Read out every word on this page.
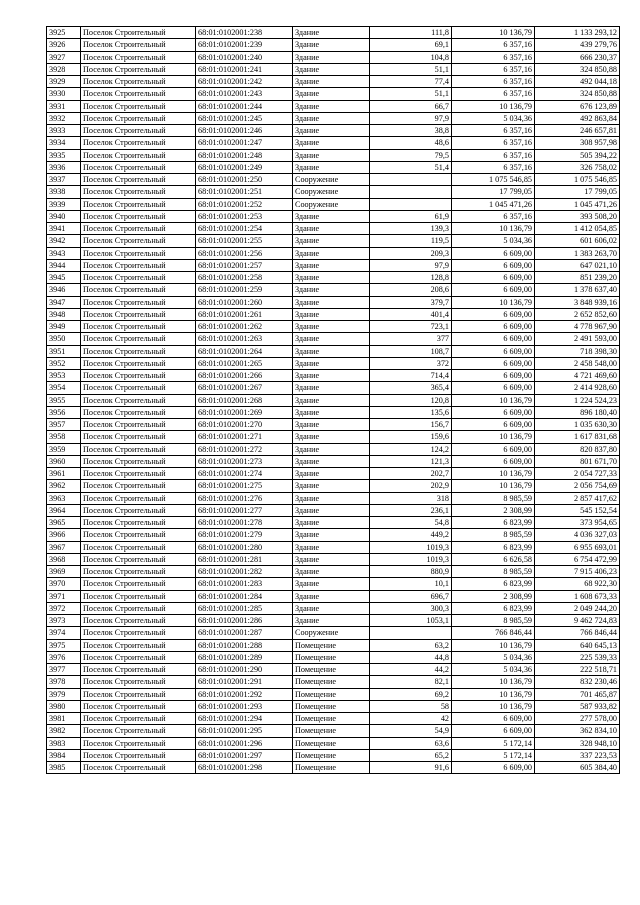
3925	Поселок Строительный	68:01:0102001:238	Здание	111,8	10 136,79	1 133 293,12
3926	Поселок Строительный	68:01:0102001:239	Здание	69,1	6 357,16	439 279,76
3927	Поселок Строительный	68:01:0102001:240	Здание	104,8	6 357,16	666 230,37
3928	Поселок Строительный	68:01:0102001:241	Здание	51,1	6 357,16	324 850,88
3929	Поселок Строительный	68:01:0102001:242	Здание	77,4	6 357,16	492 044,18
3930	Поселок Строительный	68:01:0102001:243	Здание	51,1	6 357,16	324 850,88
3931	Поселок Строительный	68:01:0102001:244	Здание	66,7	10 136,79	676 123,89
3932	Поселок Строительный	68:01:0102001:245	Здание	97,9	5 034,36	492 863,84
3933	Поселок Строительный	68:01:0102001:246	Здание	38,8	6 357,16	246 657,81
3934	Поселок Строительный	68:01:0102001:247	Здание	48,6	6 357,16	308 957,98
3935	Поселок Строительный	68:01:0102001:248	Здание	79,5	6 357,16	505 394,22
3936	Поселок Строительный	68:01:0102001:249	Здание	51,4	6 357,16	326 758,02
3937	Поселок Строительный	68:01:0102001:250	Сооружение		1 075 546,85	1 075 546,85
3938	Поселок Строительный	68:01:0102001:251	Сооружение		17 799,05	17 799,05
3939	Поселок Строительный	68:01:0102001:252	Сооружение		1 045 471,26	1 045 471,26
3940	Поселок Строительный	68:01:0102001:253	Здание	61,9	6 357,16	393 508,20
3941	Поселок Строительный	68:01:0102001:254	Здание	139,3	10 136,79	1 412 054,85
3942	Поселок Строительный	68:01:0102001:255	Здание	119,5	5 034,36	601 606,02
3943	Поселок Строительный	68:01:0102001:256	Здание	209,3	6 609,00	1 383 263,70
3944	Поселок Строительный	68:01:0102001:257	Здание	97,9	6 609,00	647 021,10
3945	Поселок Строительный	68:01:0102001:258	Здание	128,8	6 609,00	851 239,20
3946	Поселок Строительный	68:01:0102001:259	Здание	208,6	6 609,00	1 378 637,40
3947	Поселок Строительный	68:01:0102001:260	Здание	379,7	10 136,79	3 848 939,16
3948	Поселок Строительный	68:01:0102001:261	Здание	401,4	6 609,00	2 652 852,60
3949	Поселок Строительный	68:01:0102001:262	Здание	723,1	6 609,00	4 778 967,90
3950	Поселок Строительный	68:01:0102001:263	Здание	377	6 609,00	2 491 593,00
3951	Поселок Строительный	68:01:0102001:264	Здание	108,7	6 609,00	718 398,30
3952	Поселок Строительный	68:01:0102001:265	Здание	372	6 609,00	2 458 548,00
3953	Поселок Строительный	68:01:0102001:266	Здание	714,4	6 609,00	4 721 469,60
3954	Поселок Строительный	68:01:0102001:267	Здание	365,4	6 609,00	2 414 928,60
3955	Поселок Строительный	68:01:0102001:268	Здание	120,8	10 136,79	1 224 524,23
3956	Поселок Строительный	68:01:0102001:269	Здание	135,6	6 609,00	896 180,40
3957	Поселок Строительный	68:01:0102001:270	Здание	156,7	6 609,00	1 035 630,30
3958	Поселок Строительный	68:01:0102001:271	Здание	159,6	10 136,79	1 617 831,68
3959	Поселок Строительный	68:01:0102001:272	Здание	124,2	6 609,00	820 837,80
3960	Поселок Строительный	68:01:0102001:273	Здание	121,3	6 609,00	801 671,70
3961	Поселок Строительный	68:01:0102001:274	Здание	202,7	10 136,79	2 054 727,33
3962	Поселок Строительный	68:01:0102001:275	Здание	202,9	10 136,79	2 056 754,69
3963	Поселок Строительный	68:01:0102001:276	Здание	318	8 985,59	2 857 417,62
3964	Поселок Строительный	68:01:0102001:277	Здание	236,1	2 308,99	545 152,54
3965	Поселок Строительный	68:01:0102001:278	Здание	54,8	6 823,99	373 954,65
3966	Поселок Строительный	68:01:0102001:279	Здание	449,2	8 985,59	4 036 327,03
3967	Поселок Строительный	68:01:0102001:280	Здание	1019,3	6 823,99	6 955 693,01
3968	Поселок Строительный	68:01:0102001:281	Здание	1019,3	6 626,58	6 754 472,99
3969	Поселок Строительный	68:01:0102001:282	Здание	880,9	8 985,59	7 915 406,23
3970	Поселок Строительный	68:01:0102001:283	Здание	10,1	6 823,99	68 922,30
3971	Поселок Строительный	68:01:0102001:284	Здание	696,7	2 308,99	1 608 673,33
3972	Поселок Строительный	68:01:0102001:285	Здание	300,3	6 823,99	2 049 244,20
3973	Поселок Строительный	68:01:0102001:286	Здание	1053,1	8 985,59	9 462 724,83
3974	Поселок Строительный	68:01:0102001:287	Сооружение		766 846,44	766 846,44
3975	Поселок Строительный	68:01:0102001:288	Помещение	63,2	10 136,79	640 645,13
3976	Поселок Строительный	68:01:0102001:289	Помещение	44,8	5 034,36	225 539,33
3977	Поселок Строительный	68:01:0102001:290	Помещение	44,2	5 034,36	222 518,71
3978	Поселок Строительный	68:01:0102001:291	Помещение	82,1	10 136,79	832 230,46
3979	Поселок Строительный	68:01:0102001:292	Помещение	69,2	10 136,79	701 465,87
3980	Поселок Строительный	68:01:0102001:293	Помещение	58	10 136,79	587 933,82
3981	Поселок Строительный	68:01:0102001:294	Помещение	42	6 609,00	277 578,00
3982	Поселок Строительный	68:01:0102001:295	Помещение	54,9	6 609,00	362 834,10
3983	Поселок Строительный	68:01:0102001:296	Помещение	63,6	5 172,14	328 948,10
3984	Поселок Строительный	68:01:0102001:297	Помещение	65,2	5 172,14	337 223,53
3985	Поселок Строительный	68:01:0102001:298	Помещение	91,6	6 609,00	605 384,40
